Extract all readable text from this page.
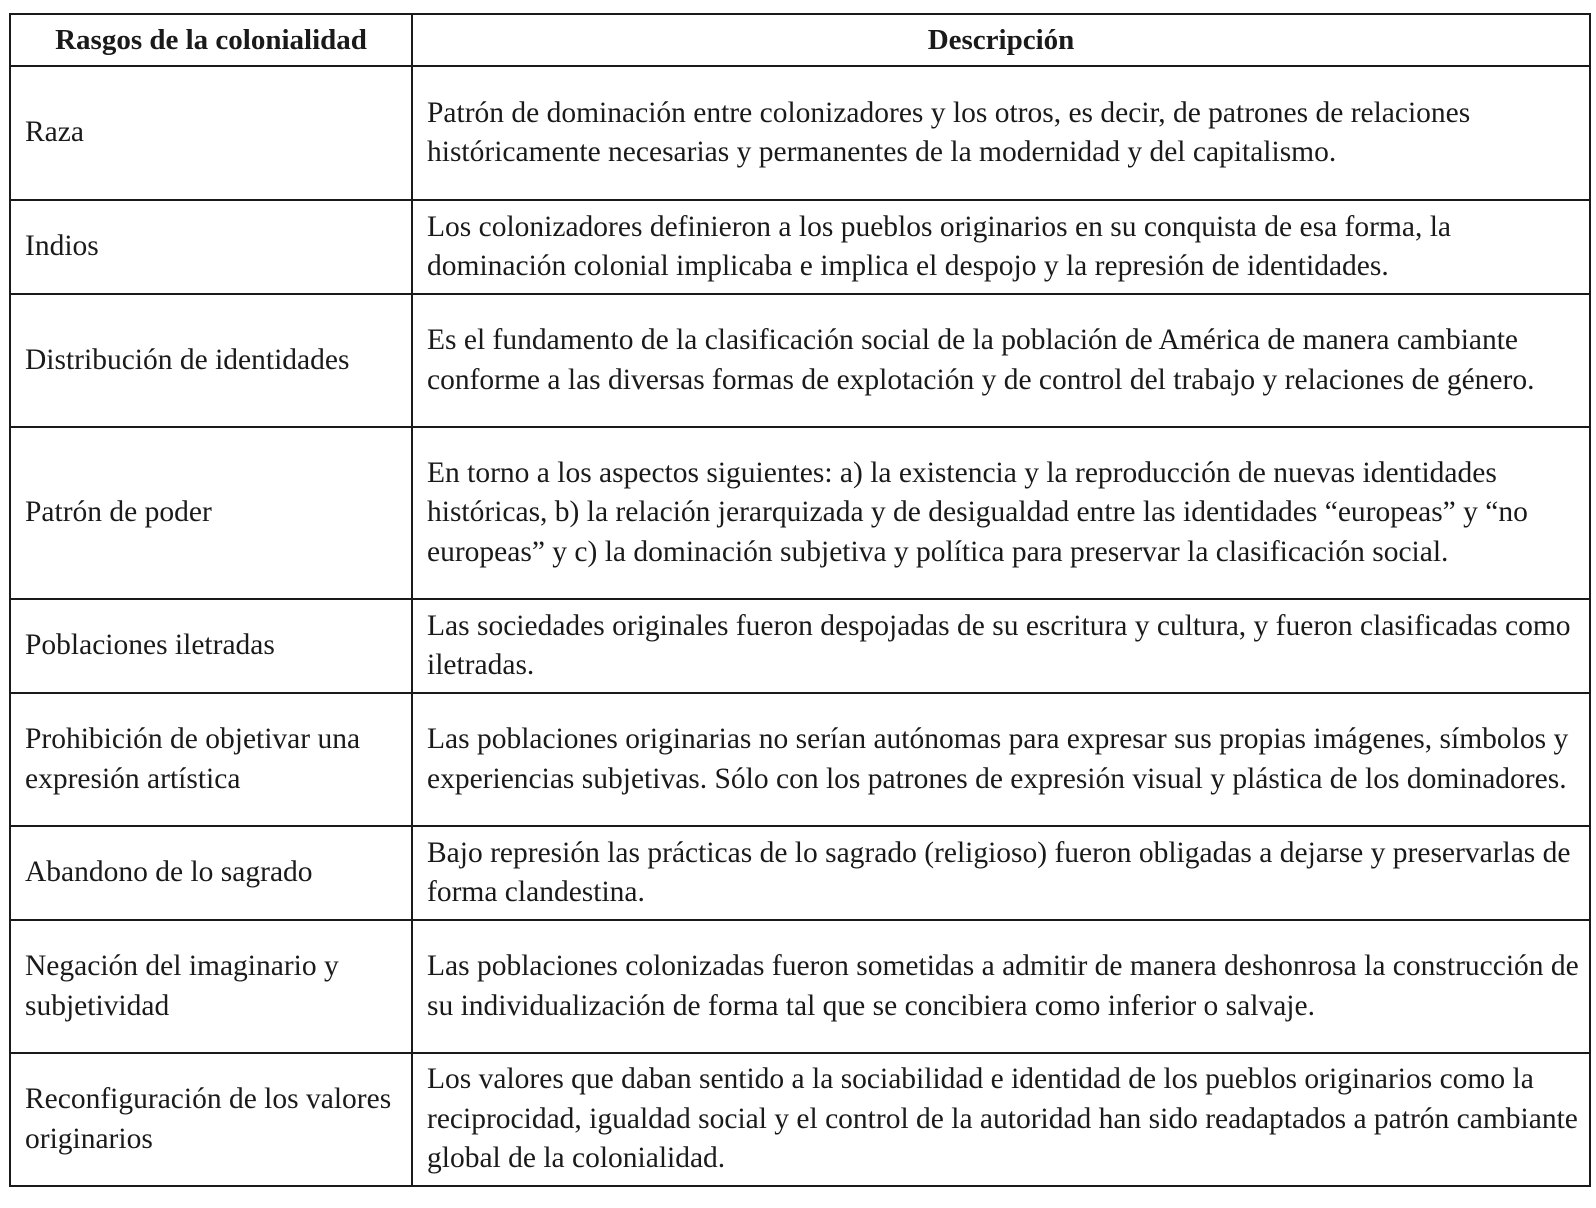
Rasgos de la colonialidad	Descripción
Raza	Patrón de dominación entre colonizadores y los otros, es decir, de patrones de relaciones históricamente necesarias y permanentes de la modernidad y del capitalismo.
Indios	Los colonizadores definieron a los pueblos originarios en su conquista de esa forma, la dominación colonial implicaba e implica el despojo y la represión de identidades.
Distribución de identidades	Es el fundamento de la clasificación social de la población de América de manera cambiante conforme a las diversas formas de explotación y de control del trabajo y relaciones de género.
Patrón de poder	En torno a los aspectos siguientes: a) la existencia y la reproducción de nuevas identidades históricas, b) la relación jerarquizada y de desigualdad entre las identidades “europeas” y “no europeas” y c) la dominación subjetiva y política para preservar la clasificación social.
Poblaciones iletradas	Las sociedades originales fueron despojadas de su escritura y cultura, y fueron clasificadas como iletradas.
Prohibición de objetivar una expresión artística	Las poblaciones originarias no serían autónomas para expresar sus propias imágenes, símbolos y experiencias subjetivas. Sólo con los patrones de expresión visual y plástica de los dominadores.
Abandono de lo sagrado	Bajo represión las prácticas de lo sagrado (religioso) fueron obligadas a dejarse y preservarlas de forma clandestina.
Negación del imaginario y subjetividad	Las poblaciones colonizadas fueron sometidas a admitir de manera deshonrosa la construcción de su individualización de forma tal que se concibiera como inferior o salvaje.
Reconfiguración de los valores originarios	Los valores que daban sentido a la sociabilidad e identidad de los pueblos originarios como la reciprocidad, igualdad social y el control de la autoridad han sido readaptados a patrón cambiante global de la colonialidad.
